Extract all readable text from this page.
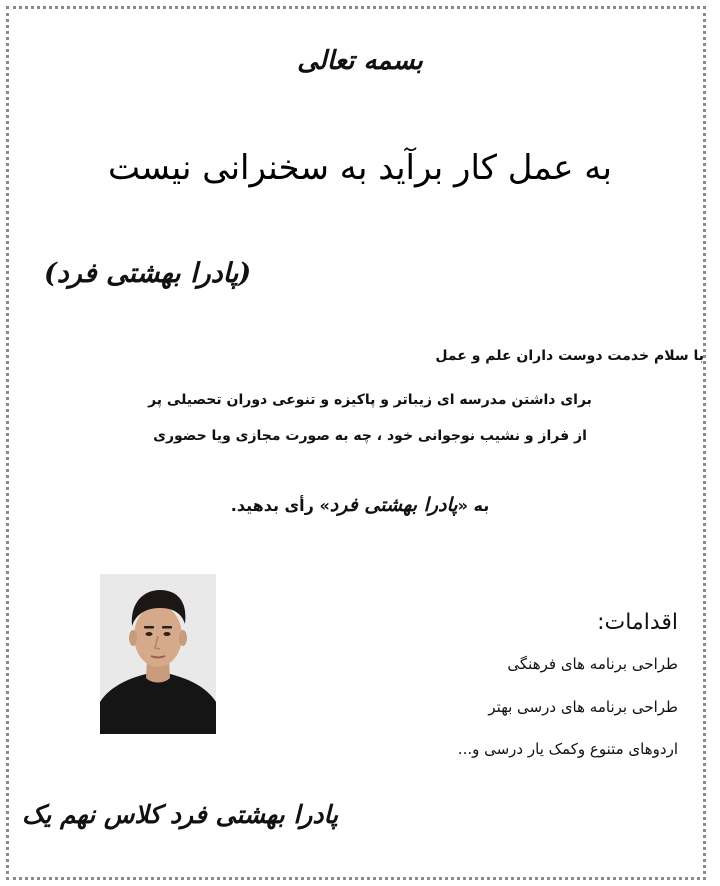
بسمه تعالی
به عمل کار برآید به سخنرانی نیست
(پادرا بهشتی فرد)
با سلام خدمت دوست داران علم و عمل
برای داشتن مدرسه ای زیباتر و پاکیزه و تنوعی دوران تحصیلی پر
از فراز و نشیب نوجوانی خود ، چه به صورت مجازی ویا حضوری
به «پادرا بهشتی فرد» رأی بدهید.
اقدامات:
طراحی برنامه های فرهنگی
طراحی برنامه های درسی بهتر
اردوهای متنوع وکمک یار درسی و...
پادرا بهشتی فرد کلاس نهم یک
